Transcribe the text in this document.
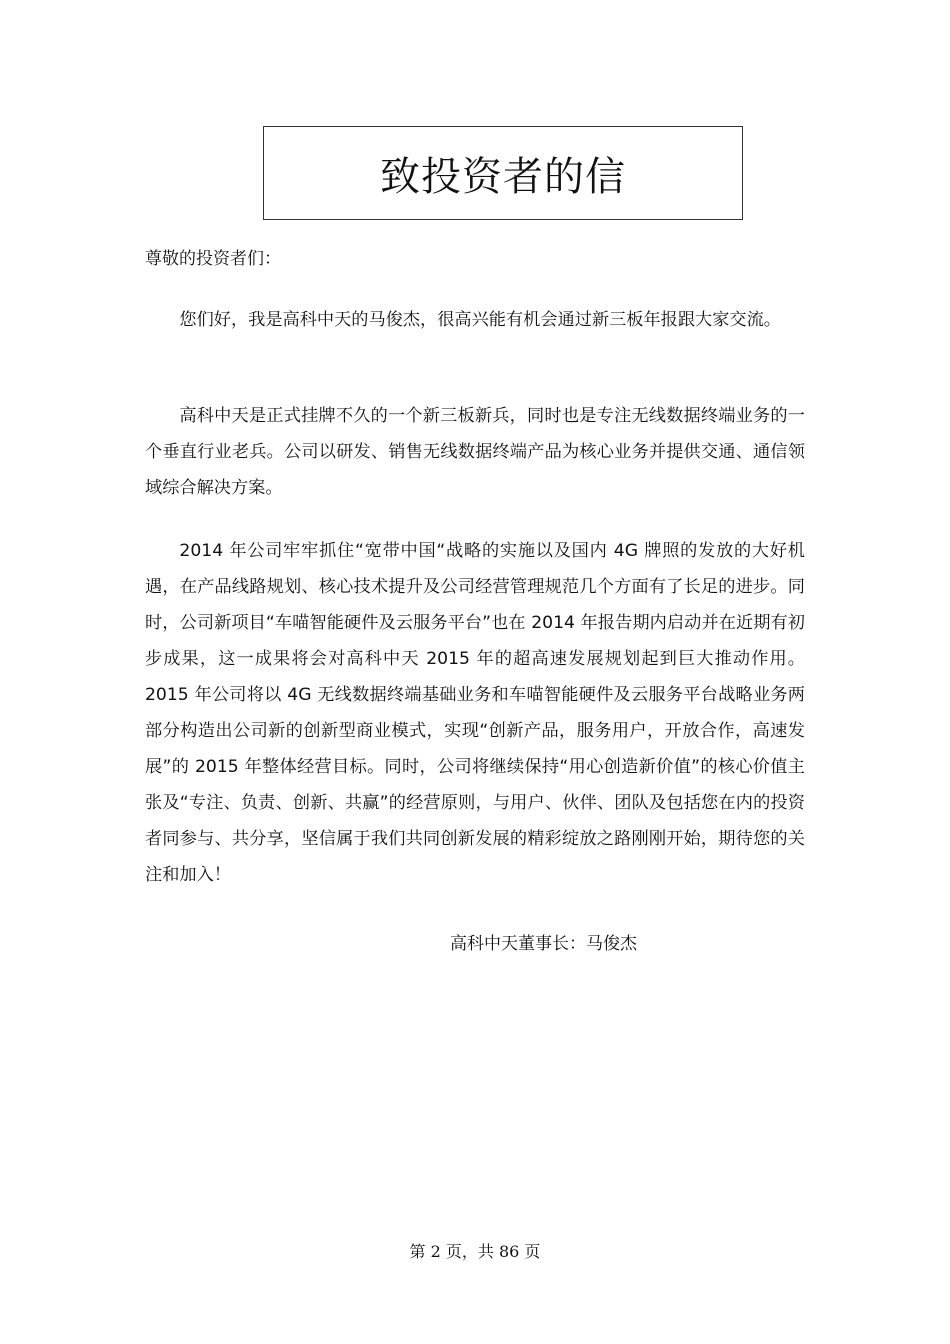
致投资者的信

尊敬的投资者们：

您们好，我是高科中天的马俊杰，很高兴能有机会通过新三板年报跟大家交流。

高科中天是正式挂牌不久的一个新三板新兵，同时也是专注无线数据终端业务的一个垂直行业老兵。公司以研发、销售无线数据终端产品为核心业务并提供交通、通信领域综合解决方案。

2014 年公司牢牢抓住“宽带中国“战略的实施以及国内 4G 牌照的发放的大好机遇，在产品线路规划、核心技术提升及公司经营管理规范几个方面有了长足的进步。同时，公司新项目“车喵智能硬件及云服务平台”也在 2014 年报告期内启动并在近期有初步成果，这一成果将会对高科中天 2015 年的超高速发展规划起到巨大推动作用。2015 年公司将以 4G 无线数据终端基础业务和车喵智能硬件及云服务平台战略业务两部分构造出公司新的创新型商业模式，实现“创新产品，服务用户，开放合作，高速发展”的 2015 年整体经营目标。同时，公司将继续保持“用心创造新价值”的核心价值主张及“专注、负责、创新、共赢”的经营原则，与用户、伙伴、团队及包括您在内的投资者同参与、共分享，坚信属于我们共同创新发展的精彩绽放之路刚刚开始，期待您的关注和加入！

高科中天董事长：马俊杰

第 2 页，共 86 页
